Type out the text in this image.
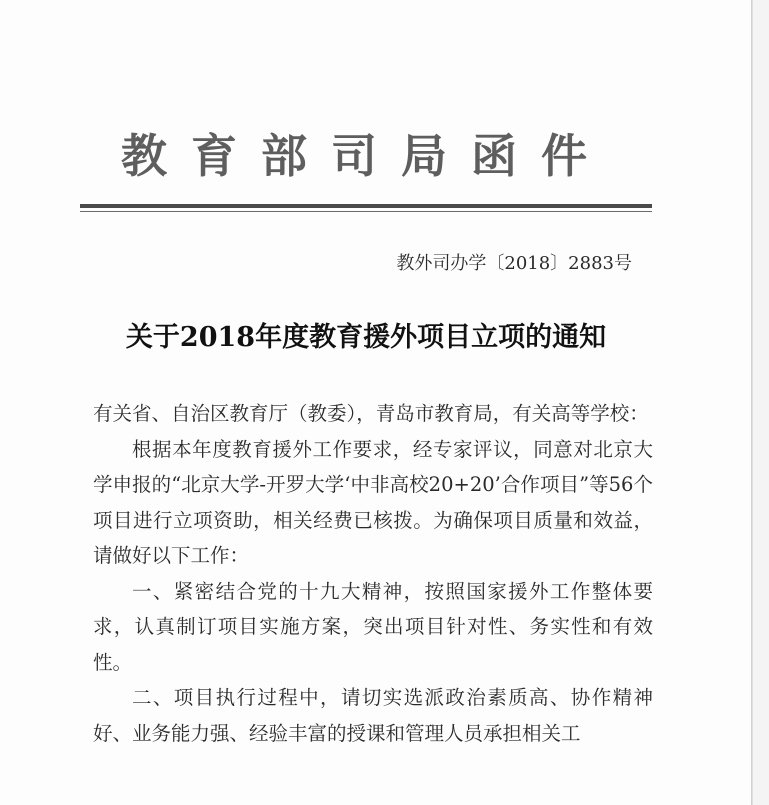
教育部司局函件
教外司办学〔2018〕2883号
关于2018年度教育援外项目立项的通知

有关省、自治区教育厅（教委），青岛市教育局，有关高等学校：

根据本年度教育援外工作要求，经专家评议，同意对北京大学申报的“北京大学-开罗大学‘中非高校20+20’合作项目”等56个项目进行立项资助，相关经费已核拨。为确保项目质量和效益，请做好以下工作：

一、紧密结合党的十九大精神，按照国家援外工作整体要求，认真制订项目实施方案，突出项目针对性、务实性和有效性。

二、项目执行过程中，请切实选派政治素质高、协作精神好、业务能力强、经验丰富的授课和管理人员承担相关工
